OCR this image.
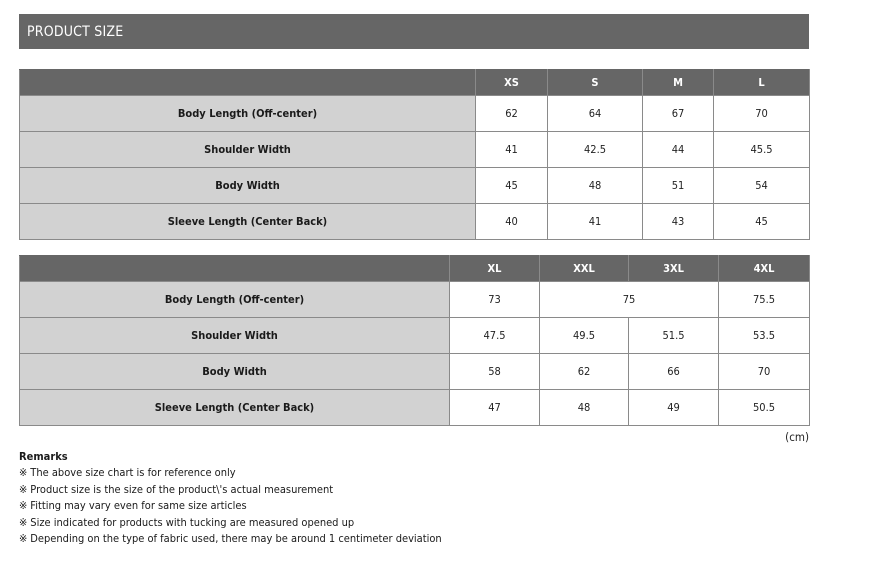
PRODUCT SIZE
	XS	S	M	L
Body Length (Off-center)	62	64	67	70
Shoulder Width	41	42.5	44	45.5
Body Width	45	48	51	54
Sleeve Length (Center Back)	40	41	43	45
	XL	XXL	3XL	4XL
Body Length (Off-center)	73	75		75.5
Shoulder Width	47.5	49.5	51.5	53.5
Body Width	58	62	66	70
Sleeve Length (Center Back)	47	48	49	50.5
(cm)
Remarks
※ The above size chart is for reference only
※ Product size is the size of the product\'s actual measurement
※ Fitting may vary even for same size articles
※ Size indicated for products with tucking are measured opened up
※ Depending on the type of fabric used, there may be around 1 centimeter deviation
